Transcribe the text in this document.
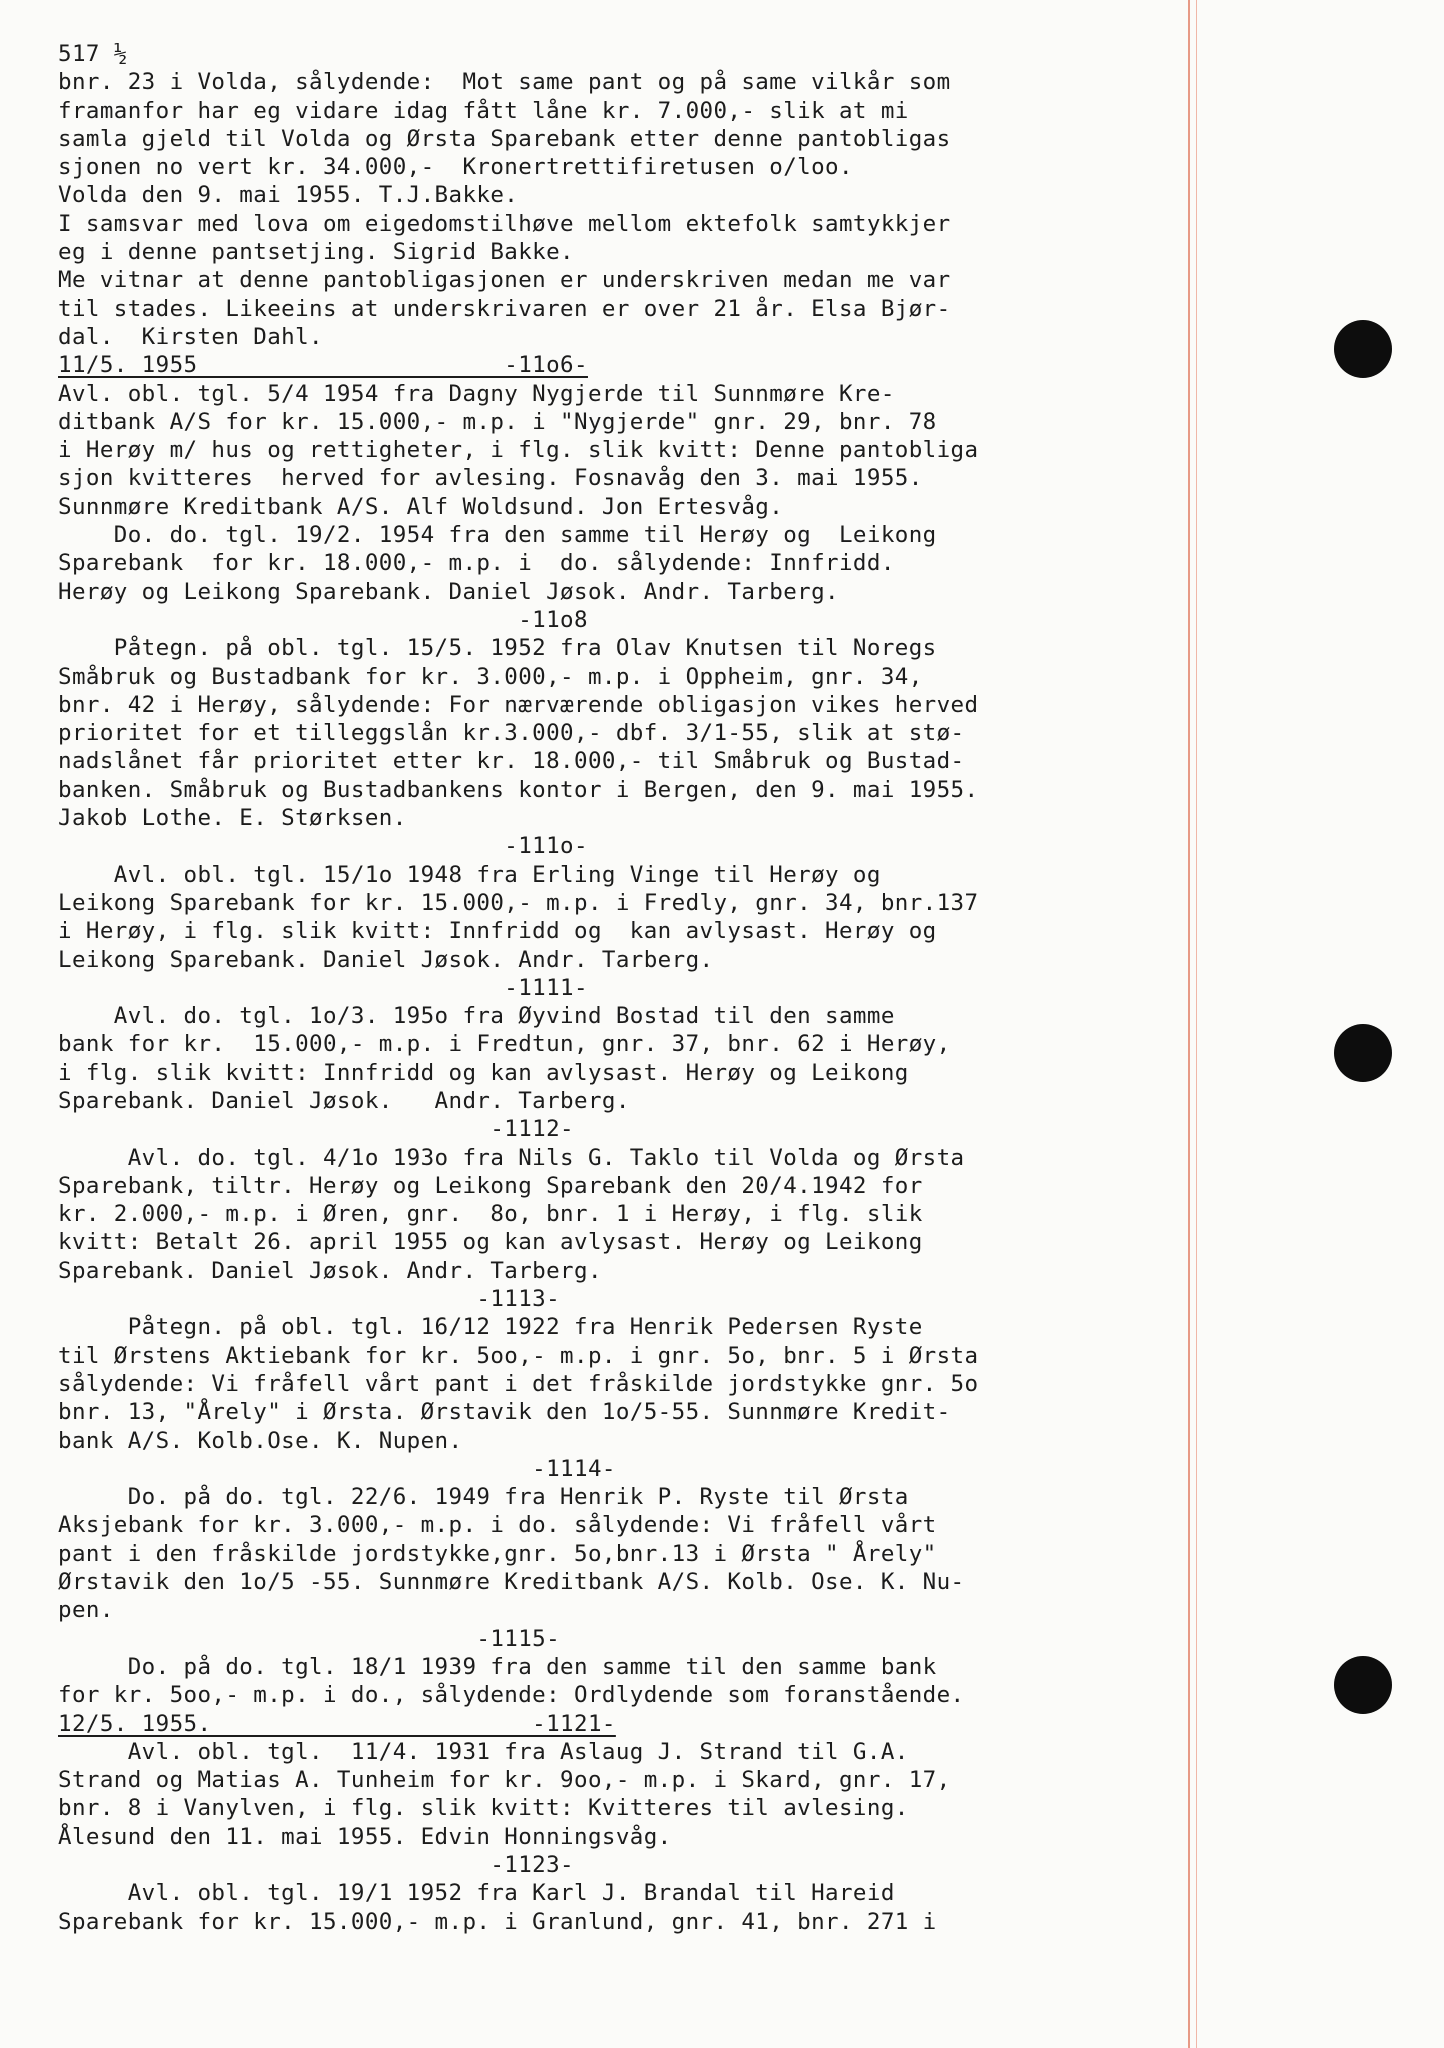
517 ½
bnr. 23 i Volda, sålydende:  Mot same pant og på same vilkår som
framanfor har eg vidare idag fått låne kr. 7.000,- slik at mi
samla gjeld til Volda og Ørsta Sparebank etter denne pantobligas
sjonen no vert kr. 34.000,-  Kronertrettifiretusen o/loo.
Volda den 9. mai 1955. T.J.Bakke.
I samsvar med lova om eigedomstilhøve mellom ektefolk samtykkjer
eg i denne pantsetjing. Sigrid Bakke.
Me vitnar at denne pantobligasjonen er underskriven medan me var
til stades. Likeeins at underskrivaren er over 21 år. Elsa Bjør-
dal.  Kirsten Dahl.
11/5. 1955                      -11o6-
Avl. obl. tgl. 5/4 1954 fra Dagny Nygjerde til Sunnmøre Kre-
ditbank A/S for kr. 15.000,- m.p. i "Nygjerde" gnr. 29, bnr. 78
i Herøy m/ hus og rettigheter, i flg. slik kvitt: Denne pantobliga
sjon kvitteres  herved for avlesing. Fosnavåg den 3. mai 1955.
Sunnmøre Kreditbank A/S. Alf Woldsund. Jon Ertesvåg.
Do. do. tgl. 19/2. 1954 fra den samme til Herøy og  Leikong
Sparebank  for kr. 18.000,- m.p. i  do. sålydende: Innfridd.
Herøy og Leikong Sparebank. Daniel Jøsok. Andr. Tarberg.
-11o8
Påtegn. på obl. tgl. 15/5. 1952 fra Olav Knutsen til Noregs
Småbruk og Bustadbank for kr. 3.000,- m.p. i Oppheim, gnr. 34,
bnr. 42 i Herøy, sålydende: For nærværende obligasjon vikes herved
prioritet for et tilleggslån kr.3.000,- dbf. 3/1-55, slik at stø-
nadslånet får prioritet etter kr. 18.000,- til Småbruk og Bustad-
banken. Småbruk og Bustadbankens kontor i Bergen, den 9. mai 1955.
Jakob Lothe. E. Størksen.
-111o-
Avl. obl. tgl. 15/1o 1948 fra Erling Vinge til Herøy og
Leikong Sparebank for kr. 15.000,- m.p. i Fredly, gnr. 34, bnr.137
i Herøy, i flg. slik kvitt: Innfridd og  kan avlysast. Herøy og
Leikong Sparebank. Daniel Jøsok. Andr. Tarberg.
-1111-
Avl. do. tgl. 1o/3. 195o fra Øyvind Bostad til den samme
bank for kr.  15.000,- m.p. i Fredtun, gnr. 37, bnr. 62 i Herøy,
i flg. slik kvitt: Innfridd og kan avlysast. Herøy og Leikong
Sparebank. Daniel Jøsok.   Andr. Tarberg.
-1112-
Avl. do. tgl. 4/1o 193o fra Nils G. Taklo til Volda og Ørsta
Sparebank, tiltr. Herøy og Leikong Sparebank den 20/4.1942 for
kr. 2.000,- m.p. i Øren, gnr.  8o, bnr. 1 i Herøy, i flg. slik
kvitt: Betalt 26. april 1955 og kan avlysast. Herøy og Leikong
Sparebank. Daniel Jøsok. Andr. Tarberg.
-1113-
Påtegn. på obl. tgl. 16/12 1922 fra Henrik Pedersen Ryste
til Ørstens Aktiebank for kr. 5oo,- m.p. i gnr. 5o, bnr. 5 i Ørsta
sålydende: Vi fråfell vårt pant i det fråskilde jordstykke gnr. 5o
bnr. 13, "Årely" i Ørsta. Ørstavik den 1o/5-55. Sunnmøre Kredit-
bank A/S. Kolb.Ose. K. Nupen.
-1114-
Do. på do. tgl. 22/6. 1949 fra Henrik P. Ryste til Ørsta
Aksjebank for kr. 3.000,- m.p. i do. sålydende: Vi fråfell vårt
pant i den fråskilde jordstykke,gnr. 5o,bnr.13 i Ørsta " Årely"
Ørstavik den 1o/5 -55. Sunnmøre Kreditbank A/S. Kolb. Ose. K. Nu-
pen.
-1115-
Do. på do. tgl. 18/1 1939 fra den samme til den samme bank
for kr. 5oo,- m.p. i do., sålydende: Ordlydende som foranstående.
12/5. 1955.                       -1121-
Avl. obl. tgl.  11/4. 1931 fra Aslaug J. Strand til G.A.
Strand og Matias A. Tunheim for kr. 9oo,- m.p. i Skard, gnr. 17,
bnr. 8 i Vanylven, i flg. slik kvitt: Kvitteres til avlesing.
Ålesund den 11. mai 1955. Edvin Honningsvåg.
-1123-
Avl. obl. tgl. 19/1 1952 fra Karl J. Brandal til Hareid
Sparebank for kr. 15.000,- m.p. i Granlund, gnr. 41, bnr. 271 i
